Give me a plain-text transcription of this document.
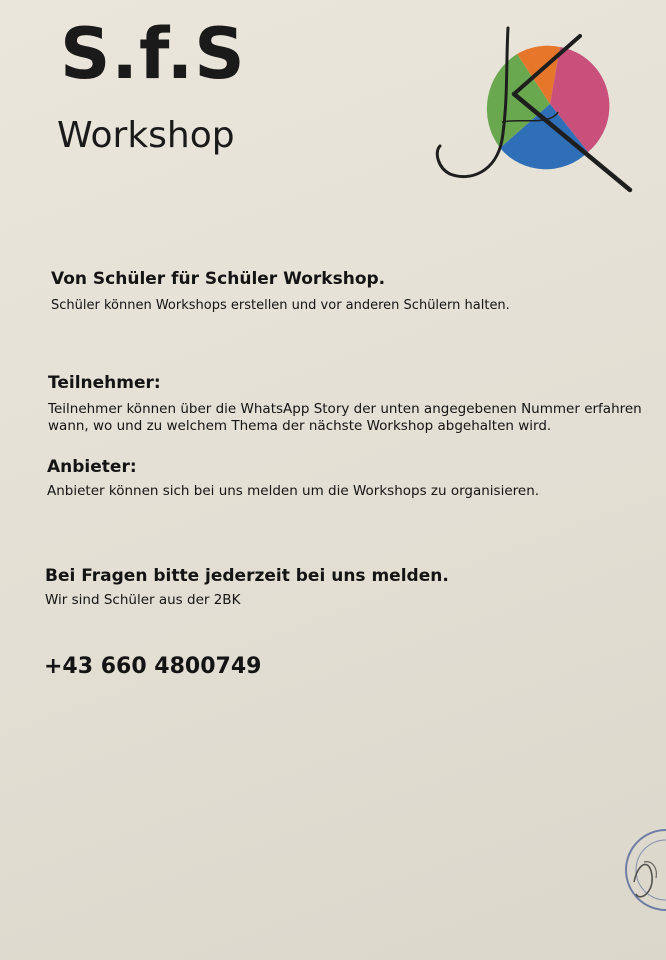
S.f.S
Workshop
Von Schüler für Schüler Workshop.
Schüler können Workshops erstellen und vor anderen Schülern halten.
Teilnehmer:
Teilnehmer können über die WhatsApp Story der unten angegebenen Nummer erfahren
wann, wo und zu welchem Thema der nächste Workshop abgehalten wird.
Anbieter:
Anbieter können sich bei uns melden um die Workshops zu organisieren.
Bei Fragen bitte jederzeit bei uns melden.
Wir sind Schüler aus der 2BK
+43 660 4800749
